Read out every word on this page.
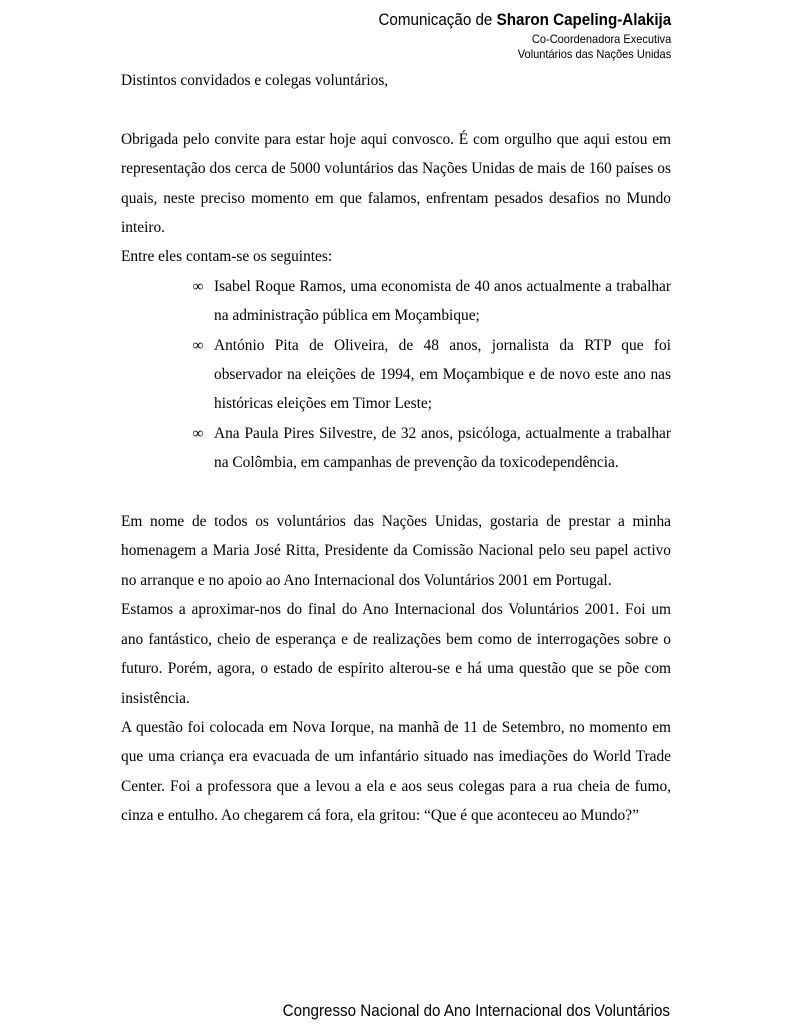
Comunicação de Sharon Capeling-Alakija
Co-Coordenadora Executiva
Voluntários das Nações Unidas

Distintos convidados e colegas voluntários,

Obrigada pelo convite para estar hoje aqui convosco. É com orgulho que aqui estou em representação dos cerca de 5000 voluntários das Nações Unidas de mais de 160 países os quais, neste preciso momento em que falamos, enfrentam pesados desafios no Mundo inteiro.

Entre eles contam-se os seguintes:

∞ Isabel Roque Ramos, uma economista de 40 anos actualmente a trabalhar na administração pública em Moçambique;
∞ António Pita de Oliveira, de 48 anos, jornalista da RTP que foi observador na eleições de 1994, em Moçambique e de novo este ano nas históricas eleições em Timor Leste;
∞ Ana Paula Pires Silvestre, de 32 anos, psicóloga, actualmente a trabalhar na Colômbia, em campanhas de prevenção da toxicodependência.

Em nome de todos os voluntários das Nações Unidas, gostaria de prestar a minha homenagem a Maria José Ritta, Presidente da Comissão Nacional pelo seu papel activo no arranque e no apoio ao Ano Internacional dos Voluntários 2001 em Portugal.

Estamos a aproximar-nos do final do Ano Internacional dos Voluntários 2001. Foi um ano fantástico, cheio de esperança e de realizações bem como de interrogações sobre o futuro. Porém, agora, o estado de espírito alterou-se e há uma questão que se põe com insistência.

A questão foi colocada em Nova Iorque, na manhã de 11 de Setembro, no momento em que uma criança era evacuada de um infantário situado nas imediações do World Trade Center. Foi a professora que a levou a ela e aos seus colegas para a rua cheia de fumo, cinza e entulho. Ao chegarem cá fora, ela gritou: “Que é que aconteceu ao Mundo?”

Congresso Nacional do Ano Internacional dos Voluntários
